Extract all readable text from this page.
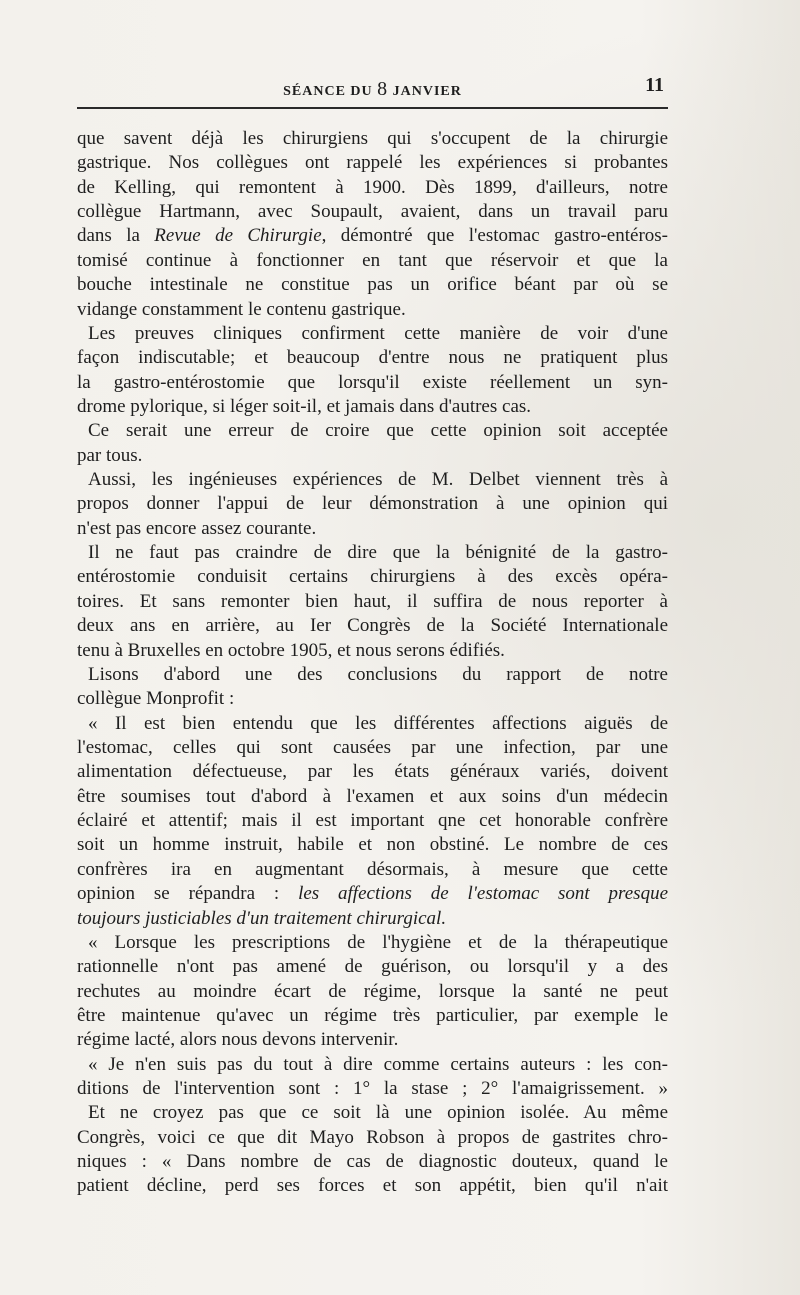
SÉANCE DU 8 JANVIER	11
que savent déjà les chirurgiens qui s'occupent de la chirurgie
gastrique. Nos collègues ont rappelé les expériences si probantes
de Kelling, qui remontent à 1900. Dès 1899, d'ailleurs, notre
collègue Hartmann, avec Soupault, avaient, dans un travail paru
dans la Revue de Chirurgie, démontré que l'estomac gastro-entéros-
tomisé continue à fonctionner en tant que réservoir et que la
bouche intestinale ne constitue pas un orifice béant par où se
vidange constamment le contenu gastrique.
Les preuves cliniques confirment cette manière de voir d'une
façon indiscutable; et beaucoup d'entre nous ne pratiquent plus
la gastro-entérostomie que lorsqu'il existe réellement un syn-
drome pylorique, si léger soit-il, et jamais dans d'autres cas.
Ce serait une erreur de croire que cette opinion soit acceptée
par tous.
Aussi, les ingénieuses expériences de M. Delbet viennent très à
propos donner l'appui de leur démonstration à une opinion qui
n'est pas encore assez courante.
Il ne faut pas craindre de dire que la bénignité de la gastro-
entérostomie conduisit certains chirurgiens à des excès opéra-
toires. Et sans remonter bien haut, il suffira de nous reporter à
deux ans en arrière, au Ier Congrès de la Société Internationale
tenu à Bruxelles en octobre 1905, et nous serons édifiés.
Lisons d'abord une des conclusions du rapport de notre
collègue Monprofit :
« Il est bien entendu que les différentes affections aiguës de
l'estomac, celles qui sont causées par une infection, par une
alimentation défectueuse, par les états généraux variés, doivent
être soumises tout d'abord à l'examen et aux soins d'un médecin
éclairé et attentif; mais il est important qne cet honorable confrère
soit un homme instruit, habile et non obstiné. Le nombre de ces
confrères ira en augmentant désormais, à mesure que cette
opinion se répandra : les affections de l'estomac sont presque
toujours justiciables d'un traitement chirurgical.
« Lorsque les prescriptions de l'hygiène et de la thérapeutique
rationnelle n'ont pas amené de guérison, ou lorsqu'il y a des
rechutes au moindre écart de régime, lorsque la santé ne peut
être maintenue qu'avec un régime très particulier, par exemple le
régime lacté, alors nous devons intervenir.
« Je n'en suis pas du tout à dire comme certains auteurs : les con-
ditions de l'intervention sont : 1° la stase ; 2° l'amaigrissement. »
Et ne croyez pas que ce soit là une opinion isolée. Au même
Congrès, voici ce que dit Mayo Robson à propos de gastrites chro-
niques : « Dans nombre de cas de diagnostic douteux, quand le
patient décline, perd ses forces et son appétit, bien qu'il n'ait
